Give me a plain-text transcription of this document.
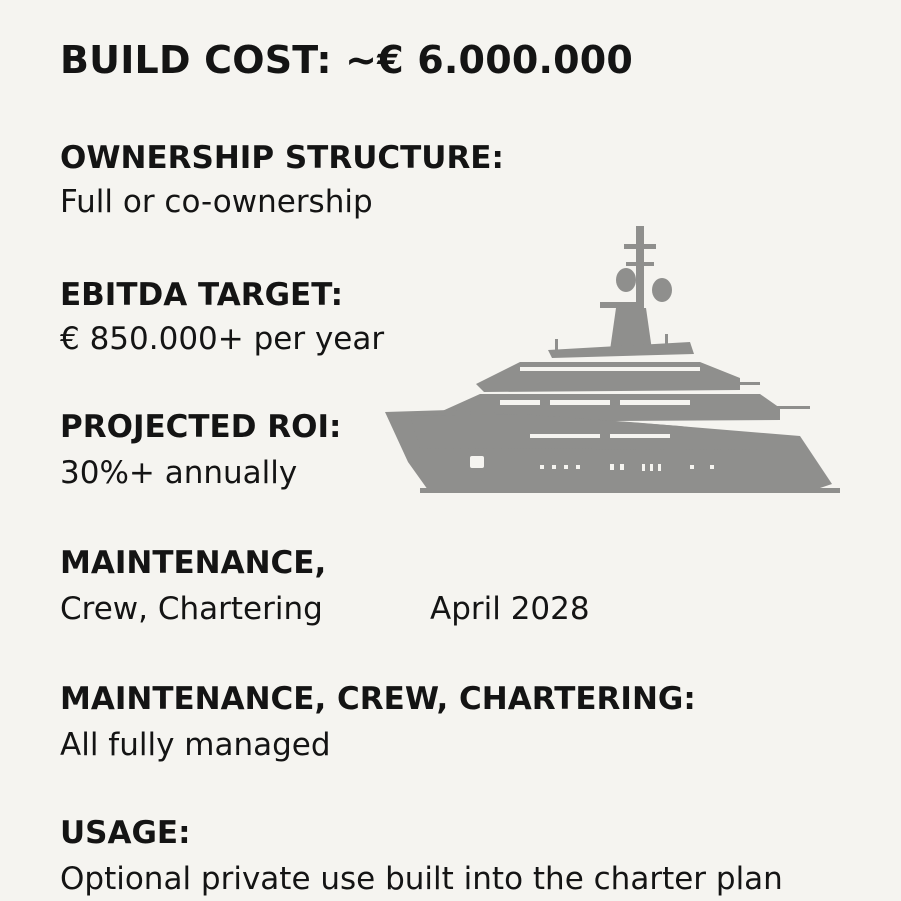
BUILD COST: ~€ 6.000.000
OWNERSHIP STRUCTURE:
Full or co-ownership
EBITDA TARGET:
€ 850.000+ per year
PROJECTED ROI:
30%+ annually
MAINTENANCE,
Crew, Chartering	April 2028
MAINTENANCE, CREW, CHARTERING:
All fully managed
USAGE:
Optional private use built into the charter plan
